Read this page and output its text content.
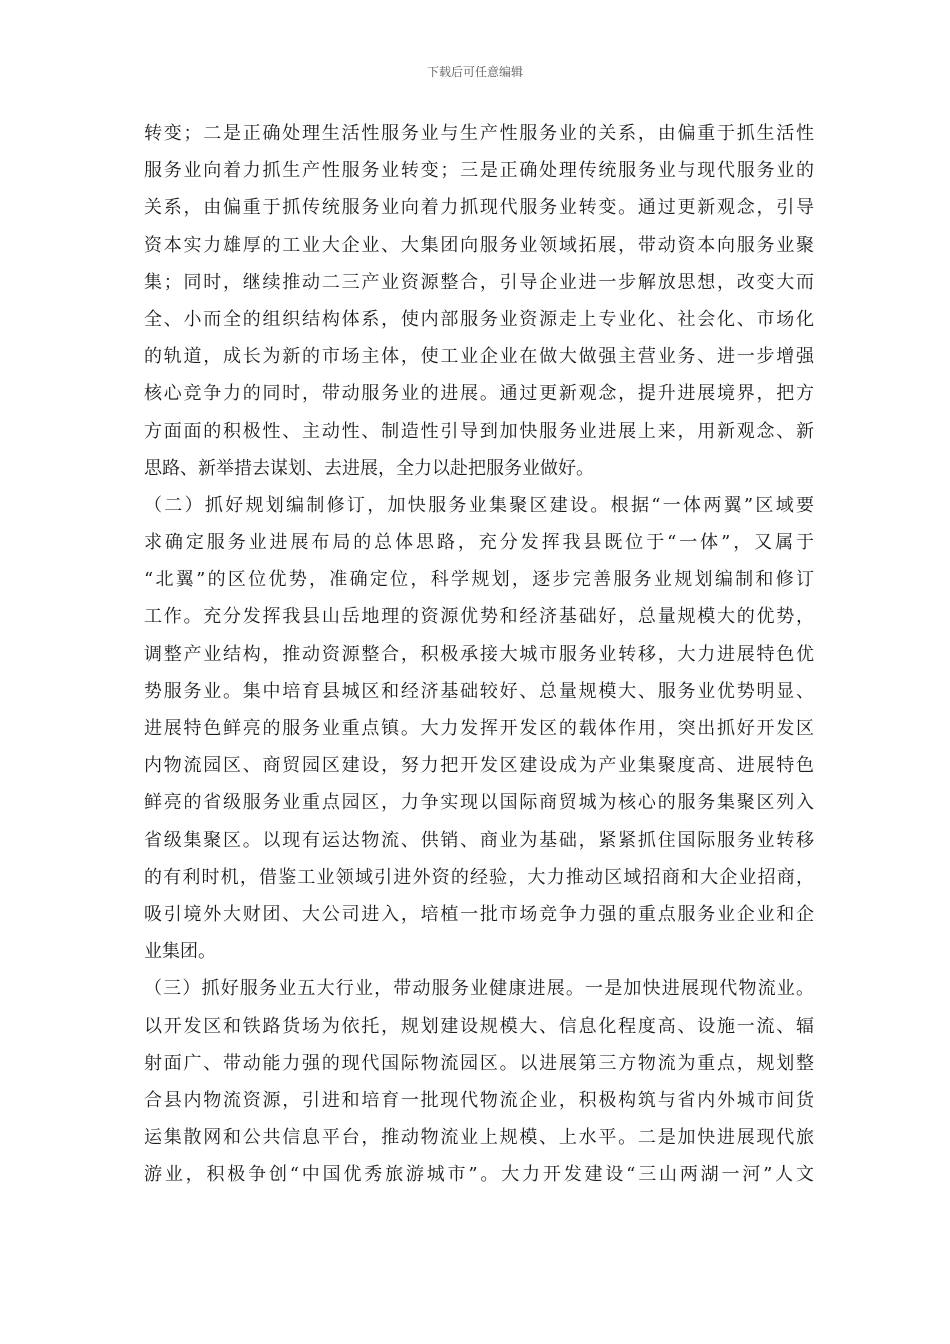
下载后可任意编辑
转变；二是正确处理生活性服务业与生产性服务业的关系，由偏重于抓生活性
服务业向着力抓生产性服务业转变；三是正确处理传统服务业与现代服务业的
关系，由偏重于抓传统服务业向着力抓现代服务业转变。通过更新观念，引导
资本实力雄厚的工业大企业、大集团向服务业领域拓展，带动资本向服务业聚
集；同时，继续推动二三产业资源整合，引导企业进一步解放思想，改变大而
全、小而全的组织结构体系，使内部服务业资源走上专业化、社会化、市场化
的轨道，成长为新的市场主体，使工业企业在做大做强主营业务、进一步增强
核心竞争力的同时，带动服务业的进展。通过更新观念，提升进展境界，把方
方面面的积极性、主动性、制造性引导到加快服务业进展上来，用新观念、新
思路、新举措去谋划、去进展，全力以赴把服务业做好。
（二）抓好规划编制修订，加快服务业集聚区建设。根据“一体两翼”区域要
求确定服务业进展布局的总体思路，充分发挥我县既位于“一体”，又属于
“北翼”的区位优势，准确定位，科学规划，逐步完善服务业规划编制和修订
工作。充分发挥我县山岳地理的资源优势和经济基础好，总量规模大的优势，
调整产业结构，推动资源整合，积极承接大城市服务业转移，大力进展特色优
势服务业。集中培育县城区和经济基础较好、总量规模大、服务业优势明显、
进展特色鲜亮的服务业重点镇。大力发挥开发区的载体作用，突出抓好开发区
内物流园区、商贸园区建设，努力把开发区建设成为产业集聚度高、进展特色
鲜亮的省级服务业重点园区，力争实现以国际商贸城为核心的服务集聚区列入
省级集聚区。以现有运达物流、供销、商业为基础，紧紧抓住国际服务业转移
的有利时机，借鉴工业领域引进外资的经验，大力推动区域招商和大企业招商，
吸引境外大财团、大公司进入，培植一批市场竞争力强的重点服务业企业和企
业集团。
（三）抓好服务业五大行业，带动服务业健康进展。一是加快进展现代物流业。
以开发区和铁路货场为依托，规划建设规模大、信息化程度高、设施一流、辐
射面广、带动能力强的现代国际物流园区。以进展第三方物流为重点，规划整
合县内物流资源，引进和培育一批现代物流企业，积极构筑与省内外城市间货
运集散网和公共信息平台，推动物流业上规模、上水平。二是加快进展现代旅
游业，积极争创“中国优秀旅游城市”。大力开发建设“三山两湖一河”人文
